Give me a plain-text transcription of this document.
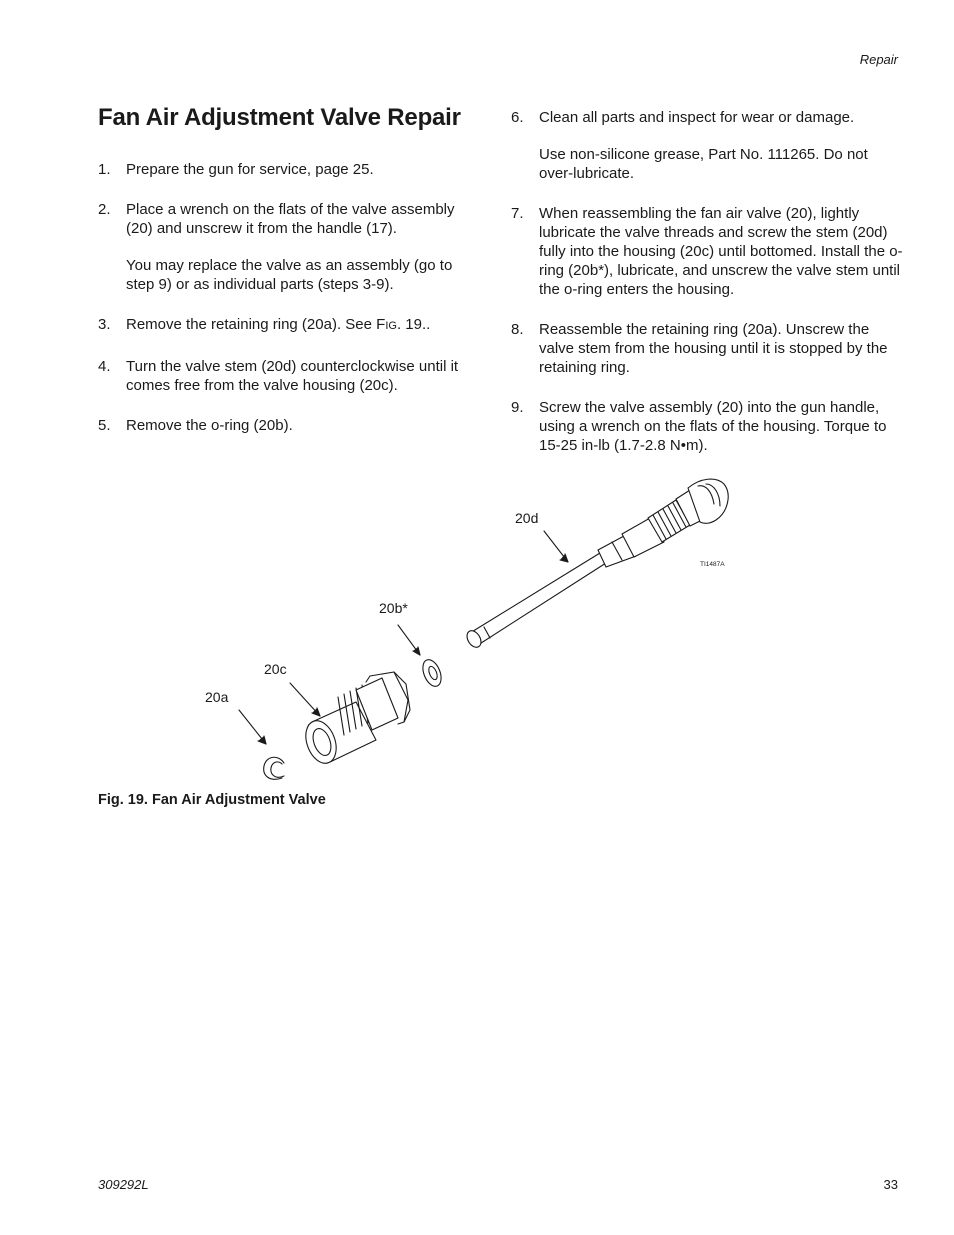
Repair
Fan Air Adjustment Valve Repair
1. Prepare the gun for service, page 25.
2. Place a wrench on the flats of the valve assembly (20) and unscrew it from the handle (17).
You may replace the valve as an assembly (go to step 9) or as individual parts (steps 3-9).
3. Remove the retaining ring (20a). See FIG. 19..
4. Turn the valve stem (20d) counterclockwise until it comes free from the valve housing (20c).
5. Remove the o-ring (20b).
6. Clean all parts and inspect for wear or damage.
Use non-silicone grease, Part No. 111265. Do not over-lubricate.
7. When reassembling the fan air valve (20), lightly lubricate the valve threads and screw the stem (20d) fully into the housing (20c) until bottomed. Install the o-ring (20b*), lubricate, and unscrew the valve stem until the o-ring enters the housing.
8. Reassemble the retaining ring (20a). Unscrew the valve stem from the housing until it is stopped by the retaining ring.
9. Screw the valve assembly (20) into the gun handle, using a wrench on the flats of the housing. Torque to 15-25 in-lb (1.7-2.8 N•m).
20d
20b*
20c
20a
TI1487A
Fig. 19. Fan Air Adjustment Valve
309292L	33
